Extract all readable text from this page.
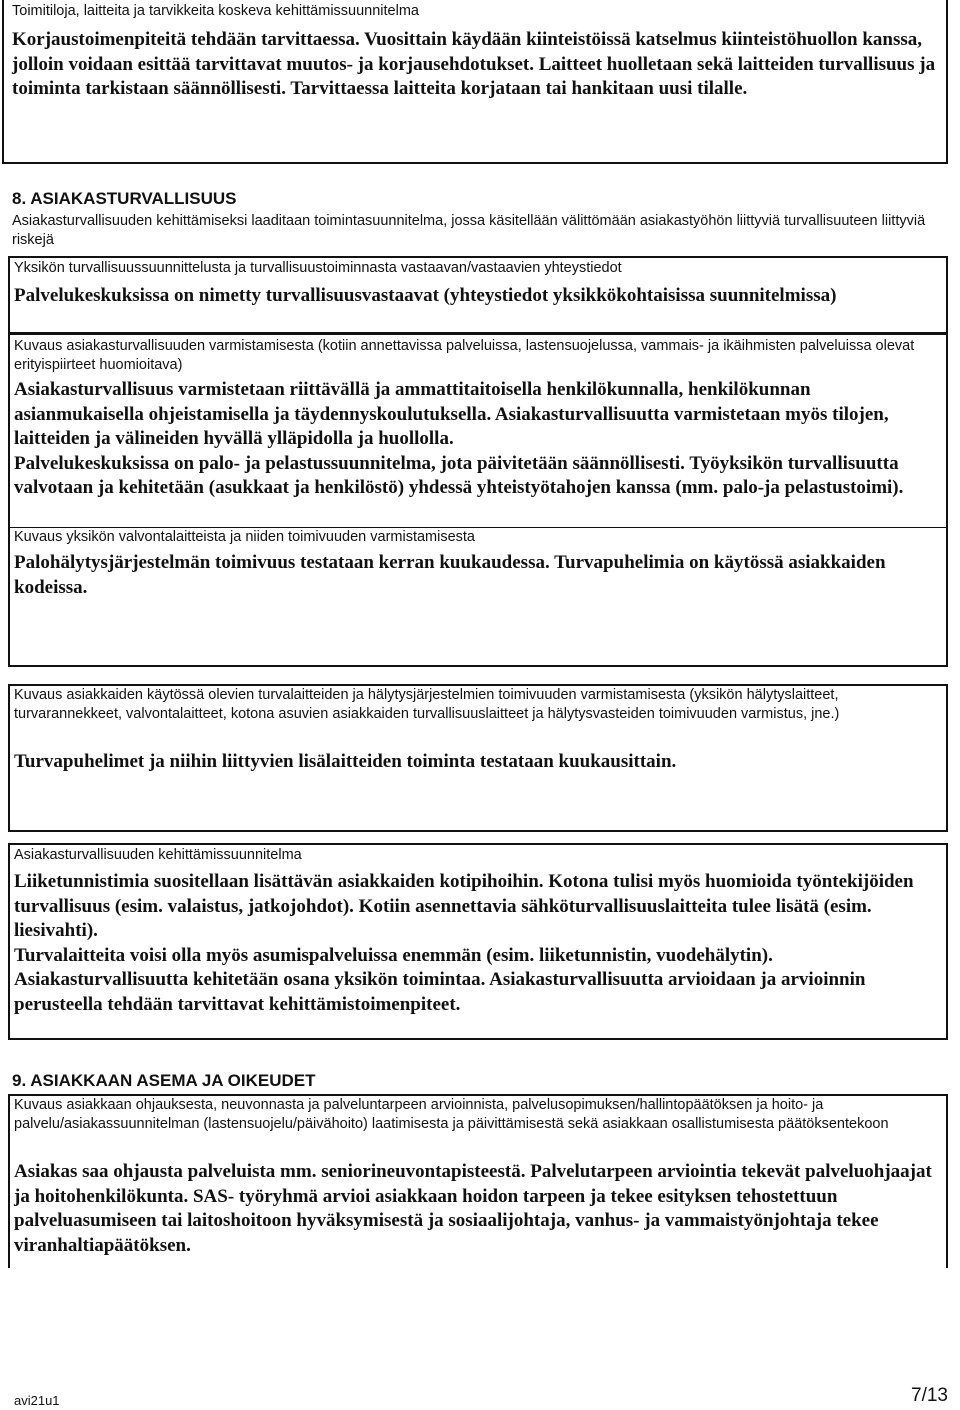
Toimitiloja, laitteita ja tarvikkeita koskeva kehittämissuunnitelma

Korjaustoimenpiteitä tehdään tarvittaessa. Vuosittain käydään kiinteistöissä katselmus kiinteistöhuollon kanssa, jolloin voidaan esittää tarvittavat muutos- ja korjausehdotukset. Laitteet huolletaan sekä laitteiden turvallisuus ja toiminta tarkistaan säännöllisesti. Tarvittaessa laitteita korjataan tai hankitaan uusi tilalle.
8. ASIAKASTURVALLISUUS

Asiakasturvallisuuden kehittämiseksi laaditaan toimintasuunnitelma, jossa käsitellään välittömään asiakastyöhön liittyviä turvallisuuteen liittyviä riskejä

Yksikön turvallisuussuunnittelusta ja turvallisuustoiminnasta vastaavan/vastaavien yhteystiedot

Palvelukeskuksissa on nimetty turvallisuusvastaavat (yhteystiedot yksikkökohtaisissa suunnitelmissa)

Kuvaus asiakasturvallisuuden varmistamisesta (kotiin annettavissa palveluissa, lastensuojelussa, vammais- ja ikäihmisten palveluissa olevat erityispiirteet huomioitava)

Asiakasturvallisuus varmistetaan riittävällä ja ammattitaitoisella henkilökunnalla, henkilökunnan asianmukaisella ohjeistamisella ja täydennyskoulutuksella. Asiakasturvallisuutta varmistetaan myös tilojen, laitteiden ja välineiden hyvällä ylläpidolla ja huollolla.

Palvelukeskuksissa on palo- ja pelastussuunnitelma, jota päivitetään säännöllisesti. Työyksikön turvallisuutta valvotaan ja kehitetään (asukkaat ja henkilöstö) yhdessä yhteistyötahojen kanssa (mm. palo-ja pelastustoimi).

Kuvaus yksikön valvontalaitteista ja niiden toimivuuden varmistamisesta

Palohälytysjärjestelmän toimivuus testataan kerran kuukaudessa. Turvapuhelimia on käytössä asiakkaiden kodeissa.

Kuvaus asiakkaiden käytössä olevien turvalaitteiden ja hälytysjärjestelmien toimivuuden varmistamisesta (yksikön hälytyslaitteet, turvarannekkeet, valvontalaitteet, kotona asuvien asiakkaiden turvallisuuslaitteet ja hälytysvasteiden toimivuuden varmistus, jne.)

Turvapuhelimet ja niihin liittyvien lisälaitteiden toiminta testataan kuukausittain.

Asiakasturvallisuuden kehittämissuunnitelma

Liiketunnistimia suositellaan lisättävän asiakkaiden kotipihoihin. Kotona tulisi myös huomioida työntekijöiden turvallisuus (esim. valaistus, jatkojohdot). Kotiin asennettavia sähköturvallisuuslaitteita tulee lisätä (esim. liesivahti).

Turvalaitteita voisi olla myös asumispalveluissa enemmän (esim. liiketunnistin, vuodehälytin).

Asiakasturvallisuutta kehitetään osana yksikön toimintaa. Asiakasturvallisuutta arvioidaan ja arvioinnin perusteella tehdään tarvittavat kehittämistoimenpiteet.

9. ASIAKKAAN ASEMA JA OIKEUDET

Kuvaus asiakkaan ohjauksesta, neuvonnasta ja palveluntarpeen arvioinnista, palvelusopimuksen/hallintopäätöksen ja hoito- ja palvelu/asiakassuunnitelman (lastensuojelu/päivähoito) laatimisesta ja päivittämisestä sekä asiakkaan osallistumisesta päätöksentekoon

Asiakas saa ohjausta palveluista mm. seniorineuvontapisteestä. Palvelutarpeen arviointia tekevät palveluohjaajat ja hoitohenkilökunta. SAS- työryhmä arvioi asiakkaan hoidon tarpeen ja tekee esityksen tehostettuun palveluasumiseen tai laitoshoitoon hyväksymisestä ja sosiaalijohtaja, vanhus- ja vammaistyönjohtaja tekee viranhaltiapäätöksen.

avi21u1	7/13
